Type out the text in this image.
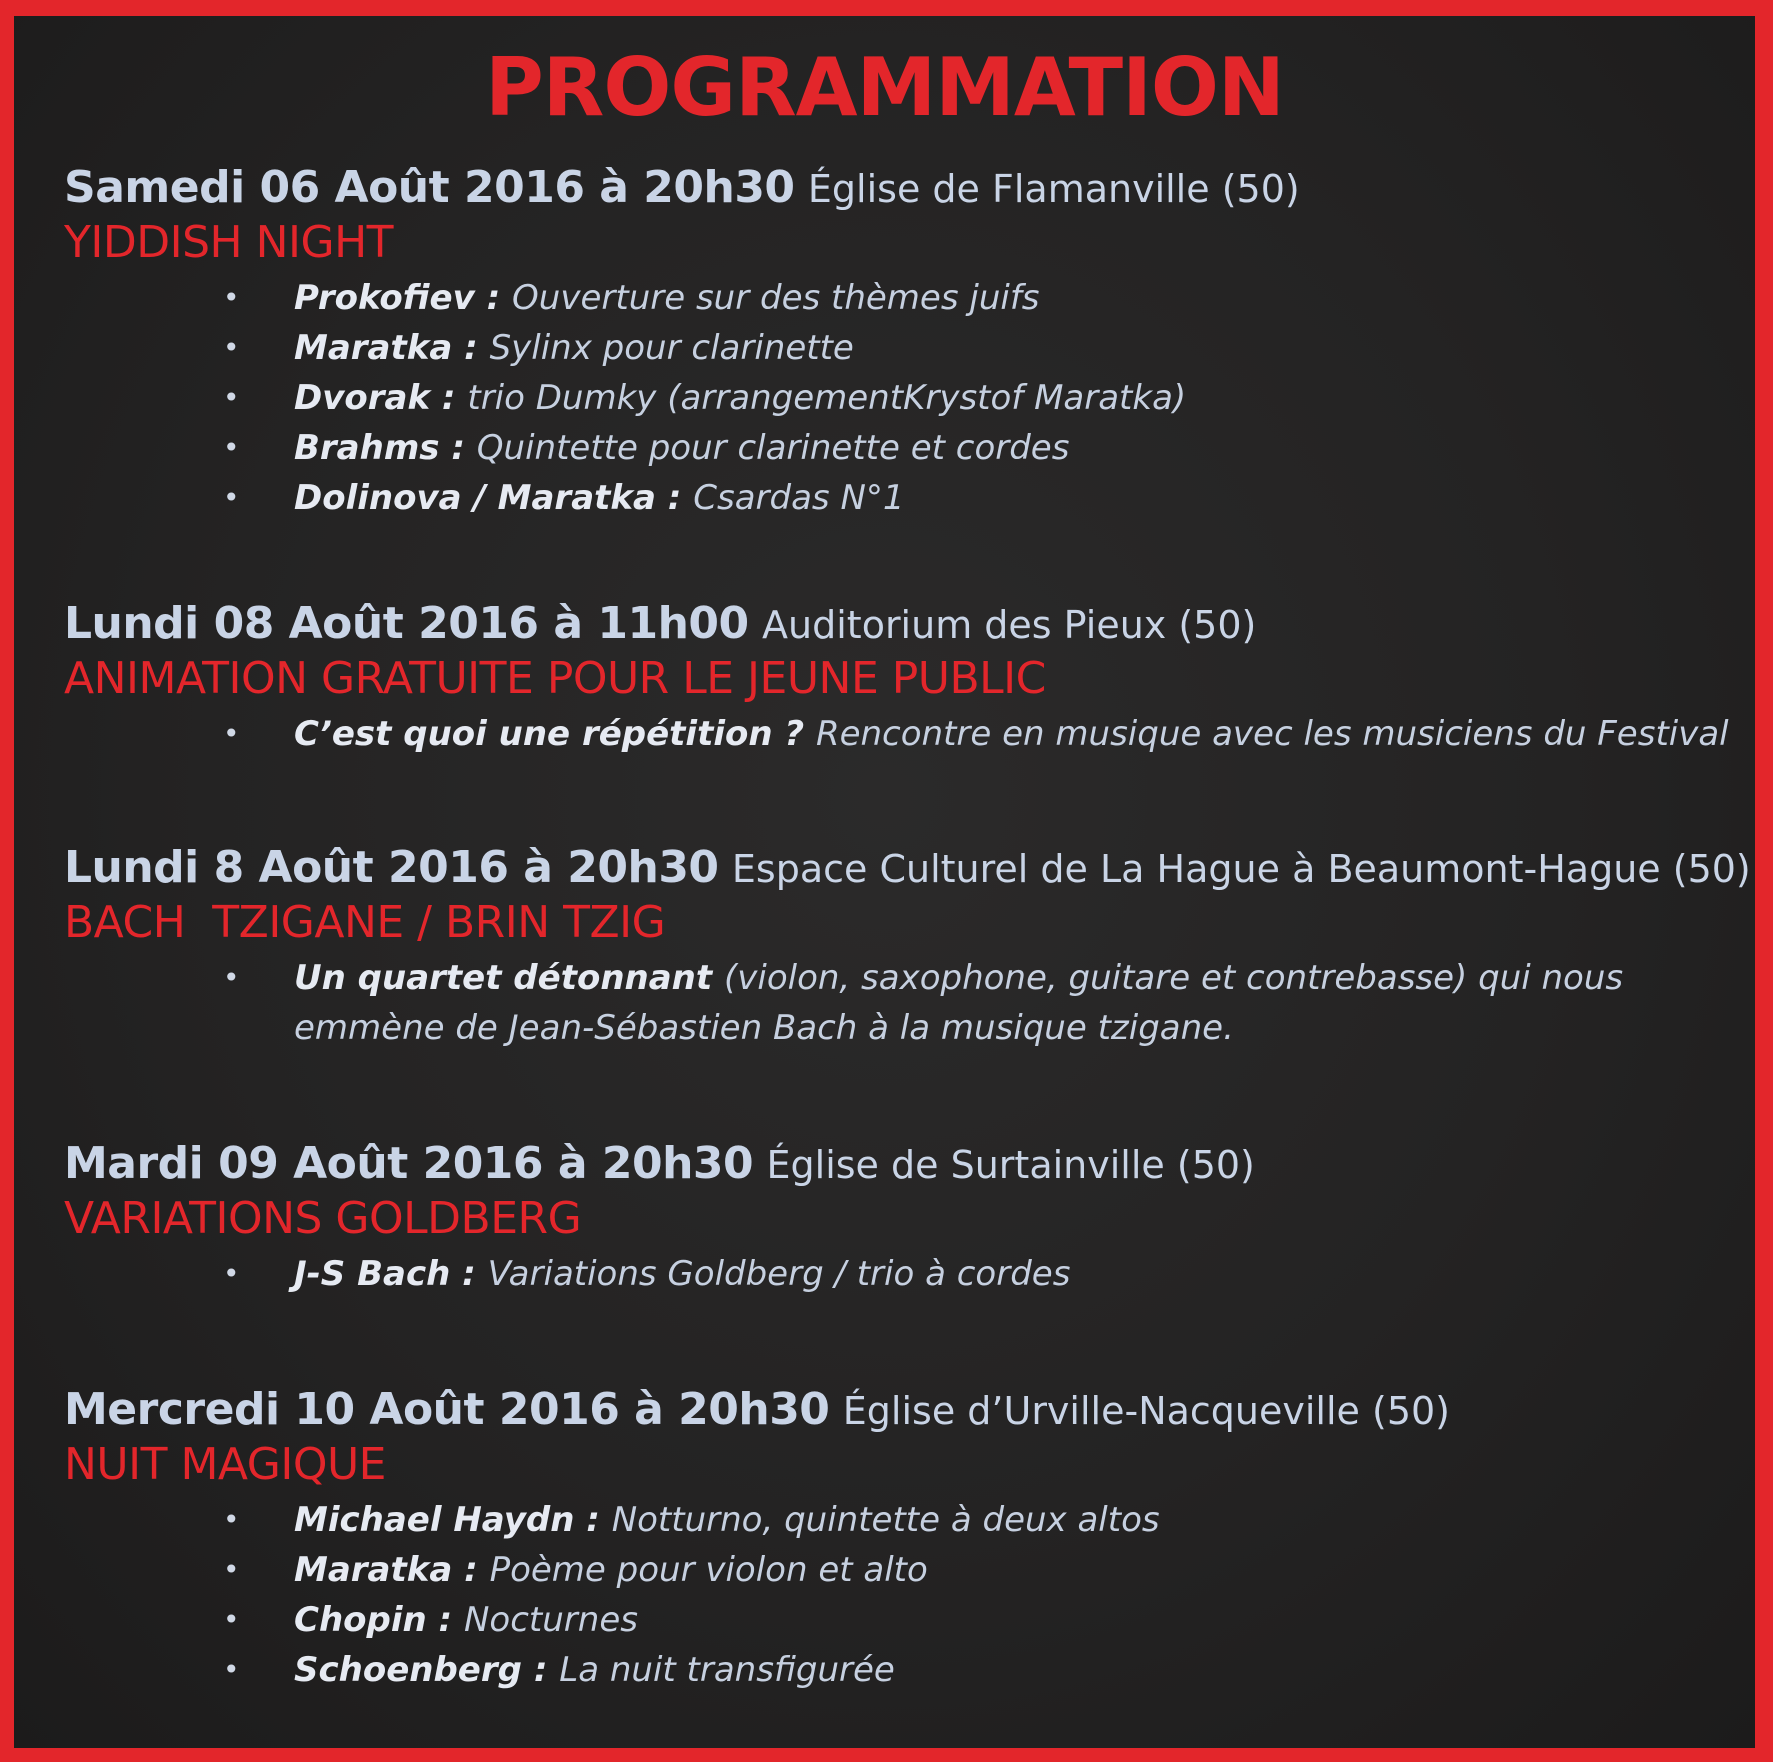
PROGRAMMATION
Samedi 06 Août 2016 à 20h30 Église de Flamanville (50)
YIDDISH NIGHT
• Prokofiev : Ouverture sur des thèmes juifs
• Maratka : Sylinx pour clarinette
• Dvorak : trio Dumky (arrangementKrystof Maratka)
• Brahms : Quintette pour clarinette et cordes
• Dolinova / Maratka : Csardas N°1
Lundi 08 Août 2016 à 11h00 Auditorium des Pieux (50)
ANIMATION GRATUITE POUR LE JEUNE PUBLIC
• C’est quoi une répétition ? Rencontre en musique avec les musiciens du Festival
Lundi 8 Août 2016 à 20h30 Espace Culturel de La Hague à Beaumont-Hague (50)
BACH  TZIGANE / BRIN TZIG
• Un quartet détonnant (violon, saxophone, guitare et contrebasse) qui nous emmène de Jean-Sébastien Bach à la musique tzigane.
Mardi 09 Août 2016 à 20h30 Église de Surtainville (50)
VARIATIONS GOLDBERG
• J-S Bach : Variations Goldberg / trio à cordes
Mercredi 10 Août 2016 à 20h30 Église d’Urville-Nacqueville (50)
NUIT MAGIQUE
• Michael Haydn : Notturno, quintette à deux altos
• Maratka : Poème pour violon et alto
• Chopin : Nocturnes
• Schoenberg : La nuit transfigurée
